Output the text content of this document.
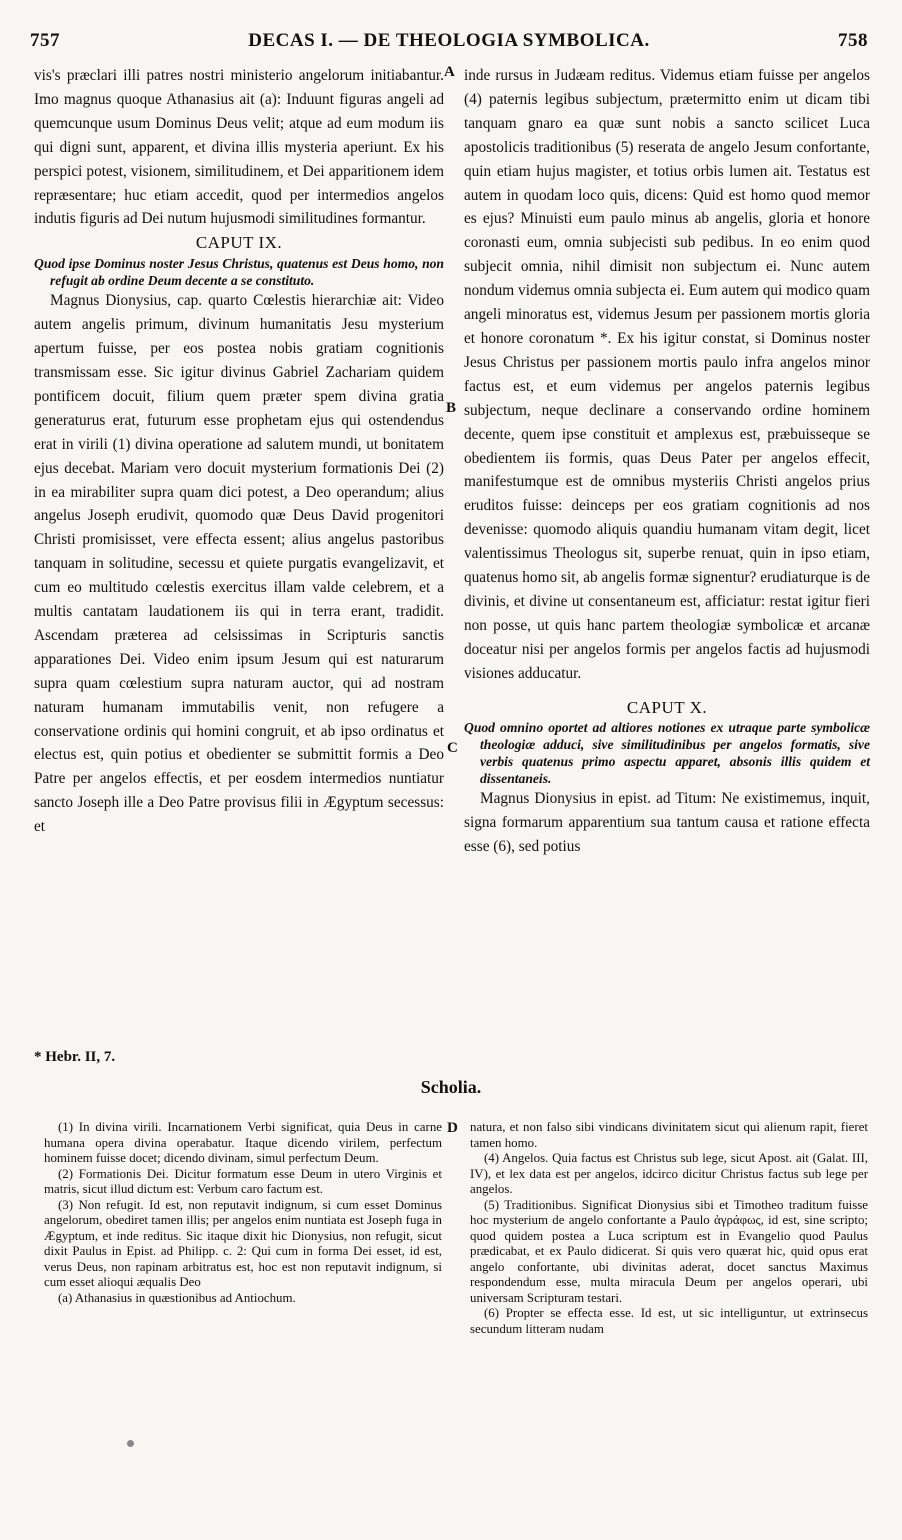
757	DECAS I. — DE THEOLOGIA SYMBOLICA.	758
A
B
C
D

vis's præclari illi patres nostri ministerio angelorum initiabantur. Imo magnus quoque Athanasius ait (a): Induunt figuras angeli ad quemcunque usum Dominus Deus velit; atque ad eum modum iis qui digni sunt, apparent, et divina illis mysteria aperiunt. Ex his perspici potest, visionem, similitudinem, et Dei apparitionem idem repræsentare; huc etiam accedit, quod per intermedios angelos indutis figuris ad Dei nutum hujusmodi similitudines formantur.

CAPUT IX.

Quod ipse Dominus noster Jesus Christus, quatenus est Deus homo, non refugit ab ordine Deum decente a se constituto.

Magnus Dionysius, cap. quarto Cœlestis hierarchiæ ait: Video autem angelis primum, divinum humanitatis Jesu mysterium apertum fuisse, per eos postea nobis gratiam cognitionis transmissam esse. Sic igitur divinus Gabriel Zachariam quidem pontificem docuit, filium quem præter spem divina gratia generaturus erat, futurum esse prophetam ejus qui ostendendus erat in virili (1) divina operatione ad salutem mundi, ut bonitatem ejus decebat. Mariam vero docuit mysterium formationis Dei (2) in ea mirabiliter supra quam dici potest, a Deo operandum; alius angelus Joseph erudivit, quomodo quæ Deus David progenitori Christi promisisset, vere effecta essent; alius angelus pastoribus tanquam in solitudine, secessu et quiete purgatis evangelizavit, et cum eo multitudo cœlestis exercitus illam valde celebrem, et a multis cantatam laudationem iis qui in terra erant, tradidit. Ascendam præterea ad celsissimas in Scripturis sanctis apparationes Dei. Video enim ipsum Jesum qui est naturarum supra quam cœlestium supra naturam auctor, qui ad nostram naturam humanam immutabilis venit, non refugere a conservatione ordinis qui homini congruit, et ab ipso ordinatus et electus est, quin potius et obedienter se submittit formis a Deo Patre per angelos effectis, et per eosdem intermedios nuntiatur sancto Joseph ille a Deo Patre provisus filii in Ægyptum secessus: et

inde rursus in Judæam reditus. Videmus etiam fuisse per angelos (4) paternis legibus subjectum, prætermitto enim ut dicam tibi tanquam gnaro ea quæ sunt nobis a sancto scilicet Luca apostolicis traditionibus (5) reserata de angelo Jesum confortante, quin etiam hujus magister, et totius orbis lumen ait. Testatus est autem in quodam loco quis, dicens: Quid est homo quod memor es ejus? Minuisti eum paulo minus ab angelis, gloria et honore coronasti eum, omnia subjecisti sub pedibus. In eo enim quod subjecit omnia, nihil dimisit non subjectum ei. Nunc autem nondum videmus omnia subjecta ei. Eum autem qui modico quam angeli minoratus est, videmus Jesum per passionem mortis gloria et honore coronatum *. Ex his igitur constat, si Dominus noster Jesus Christus per passionem mortis paulo infra angelos minor factus est, et eum videmus per angelos paternis legibus subjectum, neque declinare a conservando ordine hominem decente, quem ipse constituit et amplexus est, præbuisseque se obedientem iis formis, quas Deus Pater per angelos effecit, manifestumque est de omnibus mysteriis Christi angelos prius eruditos fuisse: deinceps per eos gratiam cognitionis ad nos devenisse: quomodo aliquis quandiu humanam vitam degit, licet valentissimus Theologus sit, superbe renuat, quin in ipso etiam, quatenus homo sit, ab angelis formæ signentur? erudiaturque is de divinis, et divine ut consentaneum est, afficiatur: restat igitur fieri non posse, ut quis hanc partem theologiæ symbolicæ et arcanæ doceatur nisi per angelos formis per angelos factis ad hujusmodi visiones adducatur.

CAPUT X.

Quod omnino oportet ad altiores notiones ex utraque parte symbolicæ theologiæ adduci, sive similitudinibus per angelos formatis, sive verbis quatenus primo aspectu apparet, absonis illis quidem et dissentaneis.

Magnus Dionysius in epist. ad Titum: Ne existimemus, inquit, signa formarum apparentium sua tantum causa et ratione effecta esse (6), sed potius

* Hebr. II, 7.
Scholia.

(1) In divina virili. Incarnationem Verbi significat, quia Deus in carne humana opera divina operabatur. Itaque dicendo virilem, perfectum hominem fuisse docet; dicendo divinam, simul perfectum Deum.

(2) Formationis Dei. Dicitur formatum esse Deum in utero Virginis et matris, sicut illud dictum est: Verbum caro factum est.

(3) Non refugit. Id est, non reputavit indignum, si cum esset Dominus angelorum, obediret tamen illis; per angelos enim nuntiata est Joseph fuga in Ægyptum, et inde reditus. Sic itaque dixit hic Dionysius, non refugit, sicut dixit Paulus in Epist. ad Philipp. c. 2: Qui cum in forma Dei esset, id est, verus Deus, non rapinam arbitratus est, hoc est non reputavit indignum, si cum esset alioqui æqualis Deo

(a) Athanasius in quæstionibus ad Antiochum.

natura, et non falso sibi vindicans divinitatem sicut qui alienum rapit, fieret tamen homo.

(4) Angelos. Quia factus est Christus sub lege, sicut Apost. ait (Galat. III, IV), et lex data est per angelos, idcirco dicitur Christus factus sub lege per angelos.

(5) Traditionibus. Significat Dionysius sibi et Timotheo traditum fuisse hoc mysterium de angelo confortante a Paulo ἀγράφως, id est, sine scripto; quod quidem postea a Luca scriptum est in Evangelio quod Paulus prædicabat, et ex Paulo didicerat. Si quis vero quærat hic, quid opus erat angelo confortante, ubi divinitas aderat, docet sanctus Maximus respondendum esse, multa miracula Deum per angelos operari, ubi universam Scripturam testari.

(6) Propter se effecta esse. Id est, ut sic intelliguntur, ut extrinsecus secundum litteram nudam
